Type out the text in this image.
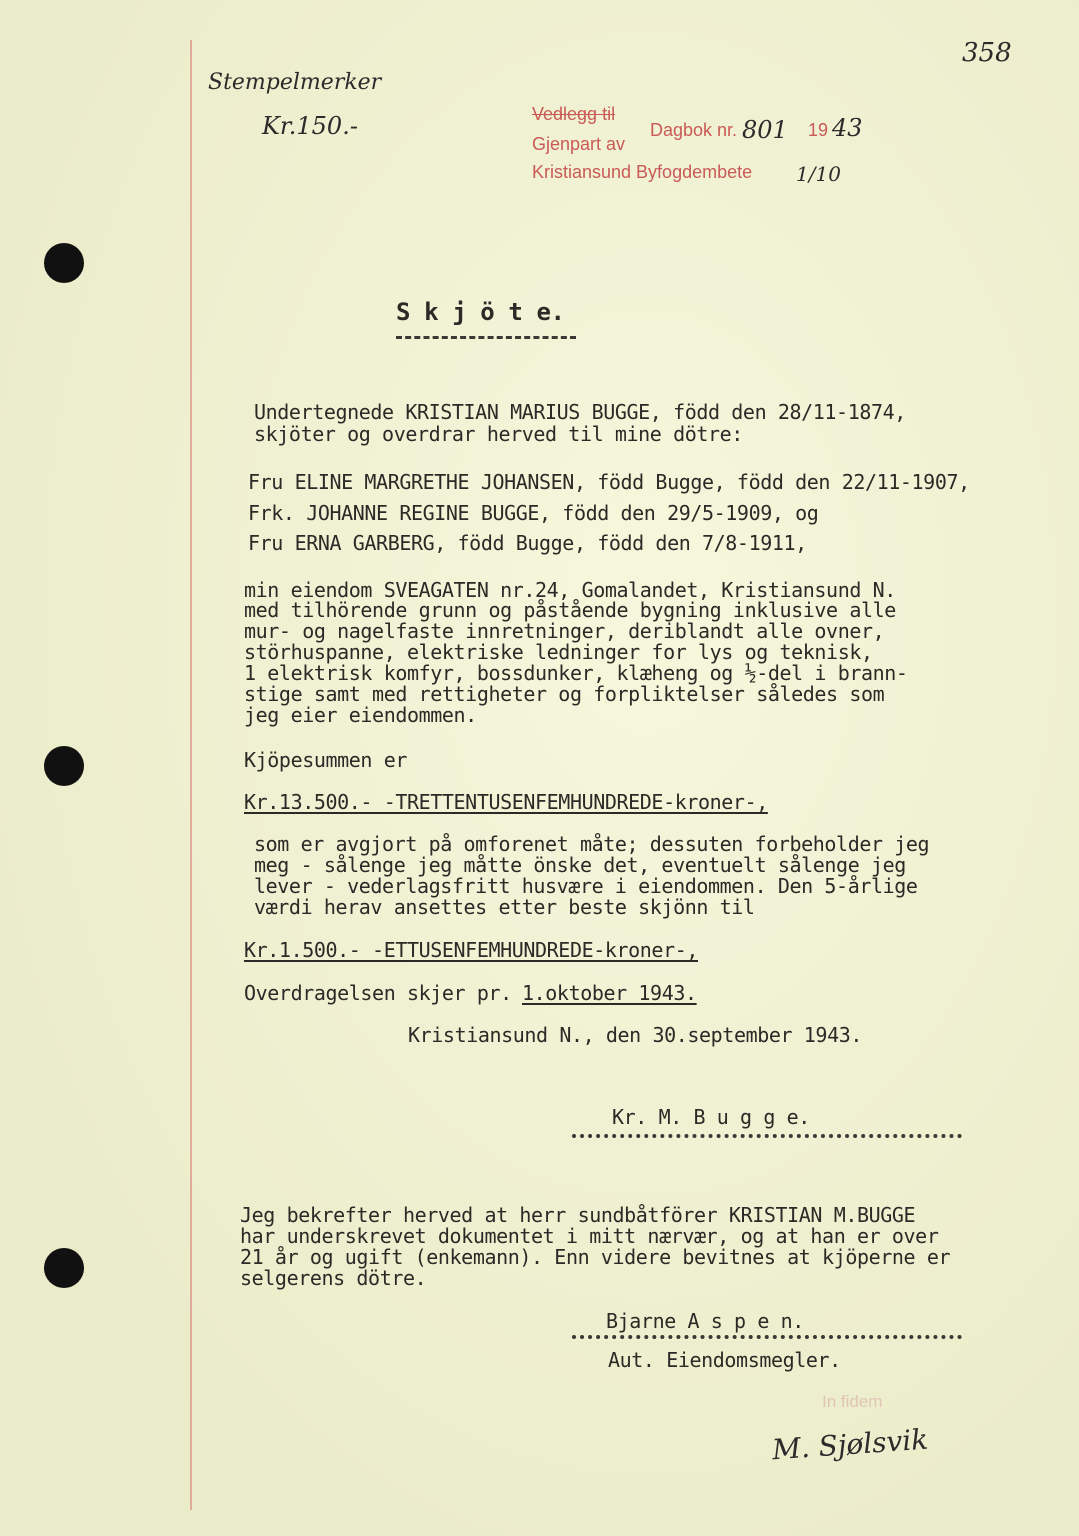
358
Stempelmerker
Kr.150.-	Vedlegg til
Gjenpart av
Kristiansund Byfogdembete
Dagbok nr. 801 19 43
1/10
S k j ö t e.
Undertegnede KRISTIAN MARIUS BUGGE, född den 28/11-1874,
skjöter og overdrar herved til mine dötre:
Fru ELINE MARGRETHE JOHANSEN, född Bugge, född den 22/11-1907,
Frk. JOHANNE REGINE BUGGE, född den 29/5-1909, og
Fru ERNA GARBERG, född Bugge, född den 7/8-1911,
min eiendom SVEAGATEN nr.24, Gomalandet, Kristiansund N.
med tilhörende grunn og påstående bygning inklusive alle
mur- og nagelfaste innretninger, deriblandt alle ovner,
störhuspanne, elektriske ledninger for lys og teknisk,
1 elektrisk komfyr, bossdunker, klæheng og ½-del i brann-
stige samt med rettigheter og forpliktelser således som
jeg eier eiendommen.
Kjöpesummen er
Kr.13.500.- -TRETTENTUSENFEMHUNDREDE-kroner-,
som er avgjort på omforenet måte; dessuten forbeholder jeg
meg - sålenge jeg måtte önske det, eventuelt sålenge jeg
lever - vederlagsfritt husvære i eiendommen. Den 5-årlige
værdi herav ansettes etter beste skjönn til
Kr.1.500.- -ETTUSENFEMHUNDREDE-kroner-,
Overdragelsen skjer pr. 1.oktober 1943.
Kristiansund N., den 30.september 1943.
Kr. M. B u g g e.
Jeg bekrefter herved at herr sundbåtförer KRISTIAN M.BUGGE
har underskrevet dokumentet i mitt nærvær, og at han er over
21 år og ugift (enkemann). Enn videre bevitnes at kjöperne er
selgerens dötre.
Bjarne A s p e n.
Aut. Eiendomsmegler.
In fidem
M. Sjølsvik
